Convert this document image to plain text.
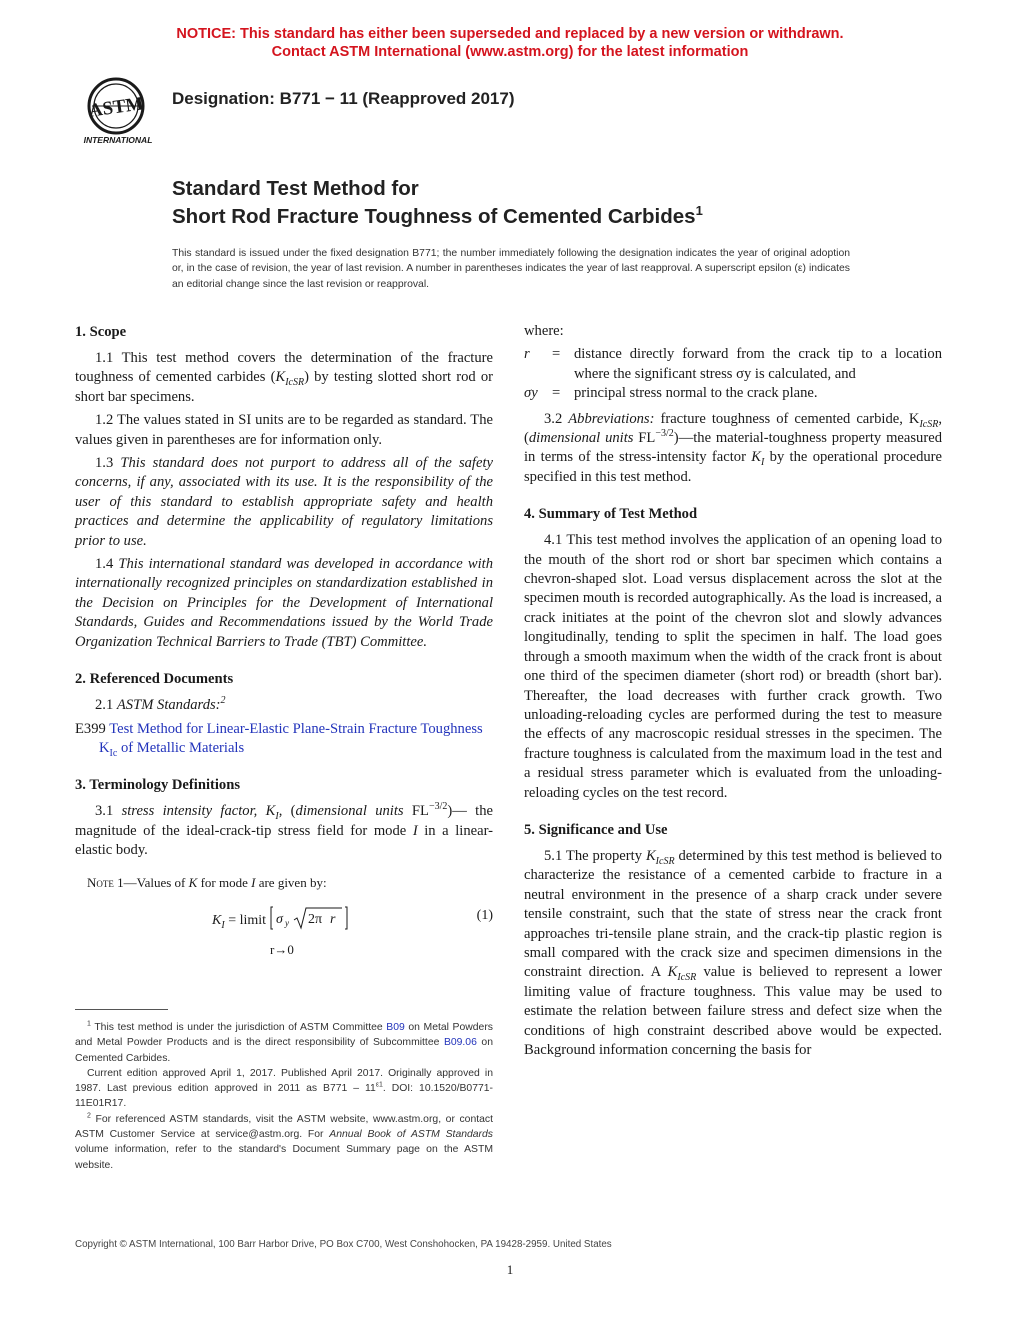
NOTICE: This standard has either been superseded and replaced by a new version or withdrawn.
Contact ASTM International (www.astm.org) for the latest information
ASTM
INTERNATIONAL
Designation: B771 − 11 (Reapproved 2017)
Standard Test Method for
Short Rod Fracture Toughness of Cemented Carbides$^1$
This standard is issued under the fixed designation B771; the number immediately following the designation indicates the year of original adoption or, in the case of revision, the year of last revision. A number in parentheses indicates the year of last reapproval. A superscript epsilon (ε) indicates an editorial change since the last revision or reapproval.
1. Scope

1.1 This test method covers the determination of the fracture toughness of cemented carbides $(K_{IcSR})$ by testing slotted short rod or short bar specimens.

1.2 The values stated in SI units are to be regarded as standard. The values given in parentheses are for information only.

1.3 This standard does not purport to address all of the safety concerns, if any, associated with its use. It is the responsibility of the user of this standard to establish appropriate safety and health practices and determine the applicability of regulatory limitations prior to use.

1.4 This international standard was developed in accordance with internationally recognized principles on standardization established in the Decision on Principles for the Development of International Standards, Guides and Recommendations issued by the World Trade Organization Technical Barriers to Trade (TBT) Committee.

2. Referenced Documents

2.1 ASTM Standards:$^2$

E399 Test Method for Linear-Elastic Plane-Strain Fracture Toughness $K_{Ic}$ of Metallic Materials

3. Terminology Definitions

3.1 stress intensity factor, $K_I$, (dimensional units $FL^{-3/2})—$ the magnitude of the ideal-crack-tip stress field for mode I in a linear-elastic body.

Note 1—Values of K for mode I are given by:

$K_I$ = limit σ y 2π r	(1)
r→0

where:

r	= distance directly forward from the crack tip to a location where the significant stress σy is calculated, and
σy = principal stress normal to the crack plane.

3.2 Abbreviations: fracture toughness of cemented carbide, $K_{IcSR}$, (dimensional units $FL^{-3/2})—the$ material-toughness property measured in terms of the stress-intensity factor $K_I$ by the operational procedure specified in this test method.

4. Summary of Test Method

4.1 This test method involves the application of an opening load to the mouth of the short rod or short bar specimen which contains a chevron-shaped slot. Load versus displacement across the slot at the specimen mouth is recorded autographically. As the load is increased, a crack initiates at the point of the chevron slot and slowly advances longitudinally, tending to split the specimen in half. The load goes through a smooth maximum when the width of the crack front is about one third of the specimen diameter (short rod) or breadth (short bar). Thereafter, the load decreases with further crack growth. Two unloading-reloading cycles are performed during the test to measure the effects of any macroscopic residual stresses in the specimen. The fracture toughness is calculated from the maximum load in the test and a residual stress parameter which is evaluated from the unloading-reloading cycles on the test record.

5. Significance and Use

5.1 The property $K_{IcSR}$ determined by this test method is believed to characterize the resistance of a cemented carbide to fracture in a neutral environment in the presence of a sharp crack under severe tensile constraint, such that the state of stress near the crack front approaches tri-tensile plane strain, and the crack-tip plastic region is small compared with the crack size and specimen dimensions in the constraint direction. A $K_{IcSR}$ value is believed to represent a lower limiting value of fracture toughness. This value may be used to estimate the relation between failure stress and defect size when the conditions of high constraint described above would be expected. Background information concerning the basis for

$^1$ This test method is under the jurisdiction of ASTM Committee B09 on Metal Powders and Metal Powder Products and is the direct responsibility of Subcommittee B09.06 on Cemented Carbides.

Current edition approved April 1, 2017. Published April 2017. Originally approved in 1987. Last previous edition approved in 2011 as $B771 - 11^{\varepsilon 1}$. DOI: 10.1520/B0771-11E01R17.

$^2$ For referenced ASTM standards, visit the ASTM website, www.astm.org, or contact ASTM Customer Service at service@astm.org. For Annual Book of ASTM Standards volume information, refer to the standard's Document Summary page on the ASTM website.

Copyright © ASTM International, 100 Barr Harbor Drive, PO Box C700, West Conshohocken, PA 19428-2959. United States
1
